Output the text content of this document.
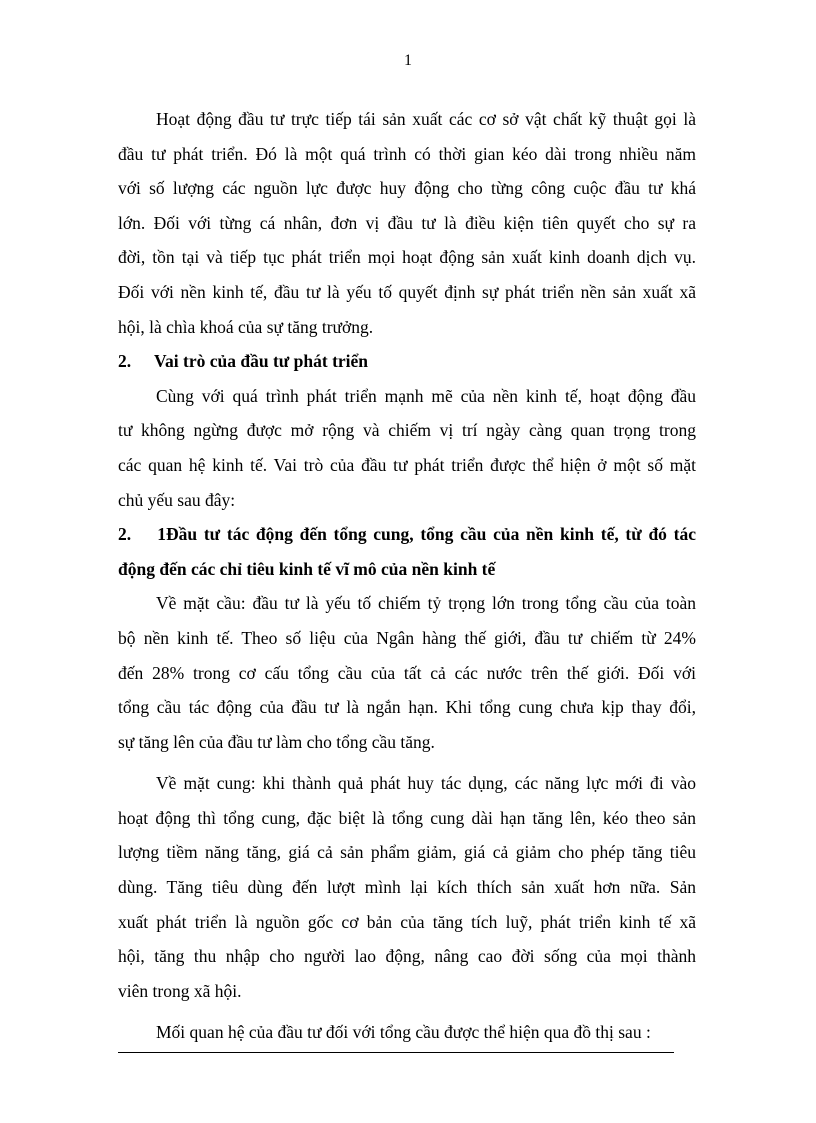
1
Hoạt động đầu tư trực tiếp tái sản xuất các cơ sở vật chất kỹ thuật gọi là
đầu tư phát triển. Đó là một quá trình có thời gian kéo dài trong nhiều năm
với số lượng các nguồn lực được huy động cho từng công cuộc đầu tư khá
lớn. Đối với từng cá nhân, đơn vị đầu tư là điều kiện tiên quyết cho sự ra
đời, tồn tại và tiếp tục phát triển mọi hoạt động sản xuất kinh doanh dịch vụ.
Đối với nền kinh tế, đầu tư là yếu tố quyết định sự phát triển nền sản xuất xã
hội, là chìa khoá của sự tăng trưởng.
2. Vai trò của đầu tư phát triển
Cùng với quá trình phát triển mạnh mẽ của nền kinh tế, hoạt động đầu
tư không ngừng được mở rộng và chiếm vị trí ngày càng quan trọng trong
các quan hệ kinh tế. Vai trò của đầu tư phát triển được thể hiện ở một số mặt
chủ yếu sau đây:
2. 1Đầu tư tác động đến tổng cung, tổng cầu của nền kinh tế, từ đó tác
động đến các chỉ tiêu kinh tế vĩ mô của nền kinh tế
Về mặt cầu: đầu tư là yếu tố chiếm tỷ trọng lớn trong tổng cầu của toàn
bộ nền kinh tế. Theo số liệu của Ngân hàng thế giới, đầu tư chiếm từ 24%
đến 28% trong cơ cấu tổng cầu của tất cả các nước trên thế giới. Đối với
tổng cầu tác động của đầu tư là ngắn hạn. Khi tổng cung chưa kịp thay đổi,
sự tăng lên của đầu tư làm cho tổng cầu tăng.
Về mặt cung: khi thành quả phát huy tác dụng, các năng lực mới đi vào
hoạt động thì tổng cung, đặc biệt là tổng cung dài hạn tăng lên, kéo theo sản
lượng tiềm năng tăng, giá cả sản phẩm giảm, giá cả giảm cho phép tăng tiêu
dùng. Tăng tiêu dùng đến lượt mình lại kích thích sản xuất hơn nữa. Sản
xuất phát triển là nguồn gốc cơ bản của tăng tích luỹ, phát triển kinh tế xã
hội, tăng thu nhập cho người lao động, nâng cao đời sống của mọi thành
viên trong xã hội.
Mối quan hệ của đầu tư đối với tổng cầu được thể hiện qua đồ thị sau :
